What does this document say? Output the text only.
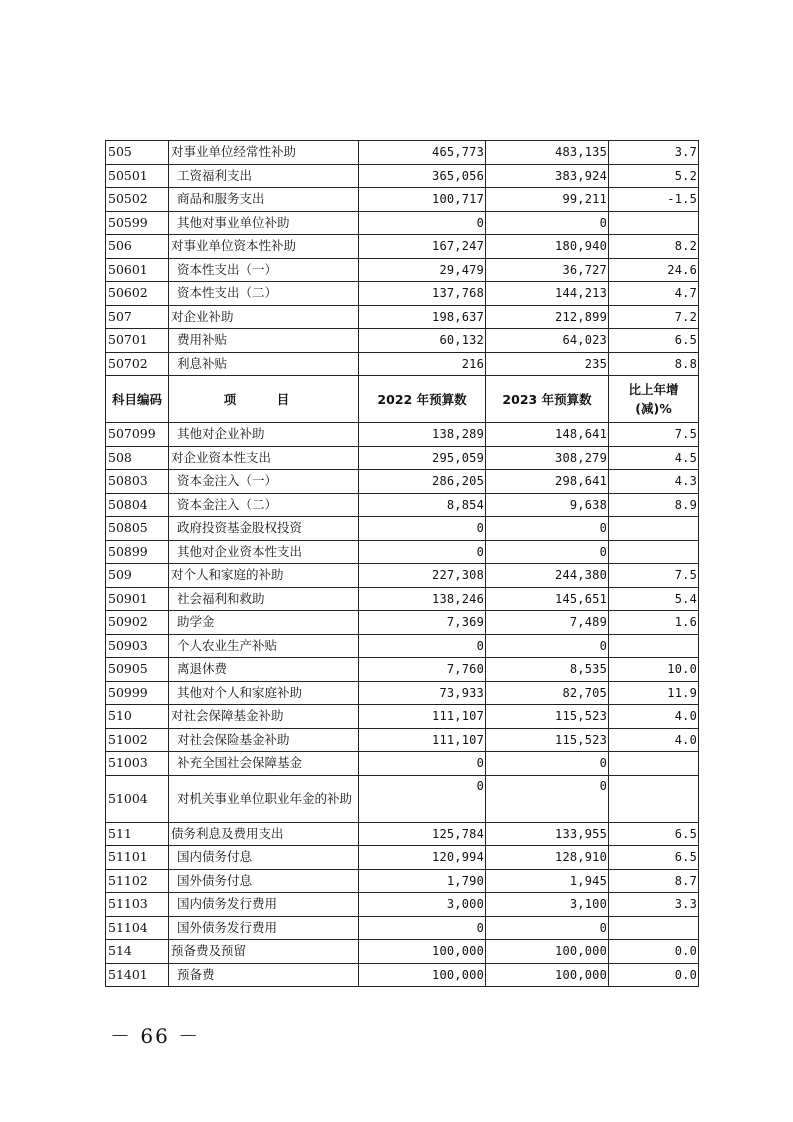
505	对事业单位经常性补助	465,773	483,135	3.7
50501	工资福利支出	365,056	383,924	5.2
50502	商品和服务支出	100,717	99,211	-1.5
50599	其他对事业单位补助	0	0	
506	对事业单位资本性补助	167,247	180,940	8.2
50601	资本性支出（一）	29,479	36,727	24.6
50602	资本性支出（二）	137,768	144,213	4.7
507	对企业补助	198,637	212,899	7.2
50701	费用补贴	60,132	64,023	6.5
50702	利息补贴	216	235	8.8
科目编码	项　目	2022 年预算数	2023 年预算数	比上年增(减)%
507099	其他对企业补助	138,289	148,641	7.5
508	对企业资本性支出	295,059	308,279	4.5
50803	资本金注入（一）	286,205	298,641	4.3
50804	资本金注入（二）	8,854	9,638	8.9
50805	政府投资基金股权投资	0	0	
50899	其他对企业资本性支出	0	0	
509	对个人和家庭的补助	227,308	244,380	7.5
50901	社会福利和救助	138,246	145,651	5.4
50902	助学金	7,369	7,489	1.6
50903	个人农业生产补贴	0	0	
50905	离退休费	7,760	8,535	10.0
50999	其他对个人和家庭补助	73,933	82,705	11.9
510	对社会保障基金补助	111,107	115,523	4.0
51002	对社会保险基金补助	111,107	115,523	4.0
51003	补充全国社会保障基金	0	0	
51004	对机关事业单位职业年金的补助	0	0	
511	债务利息及费用支出	125,784	133,955	6.5
51101	国内债务付息	120,994	128,910	6.5
51102	国外债务付息	1,790	1,945	8.7
51103	国内债务发行费用	3,000	3,100	3.3
51104	国外债务发行费用	0	0	
514	预备费及预留	100,000	100,000	0.0
51401	预备费	100,000	100,000	0.0
－ 66 －
